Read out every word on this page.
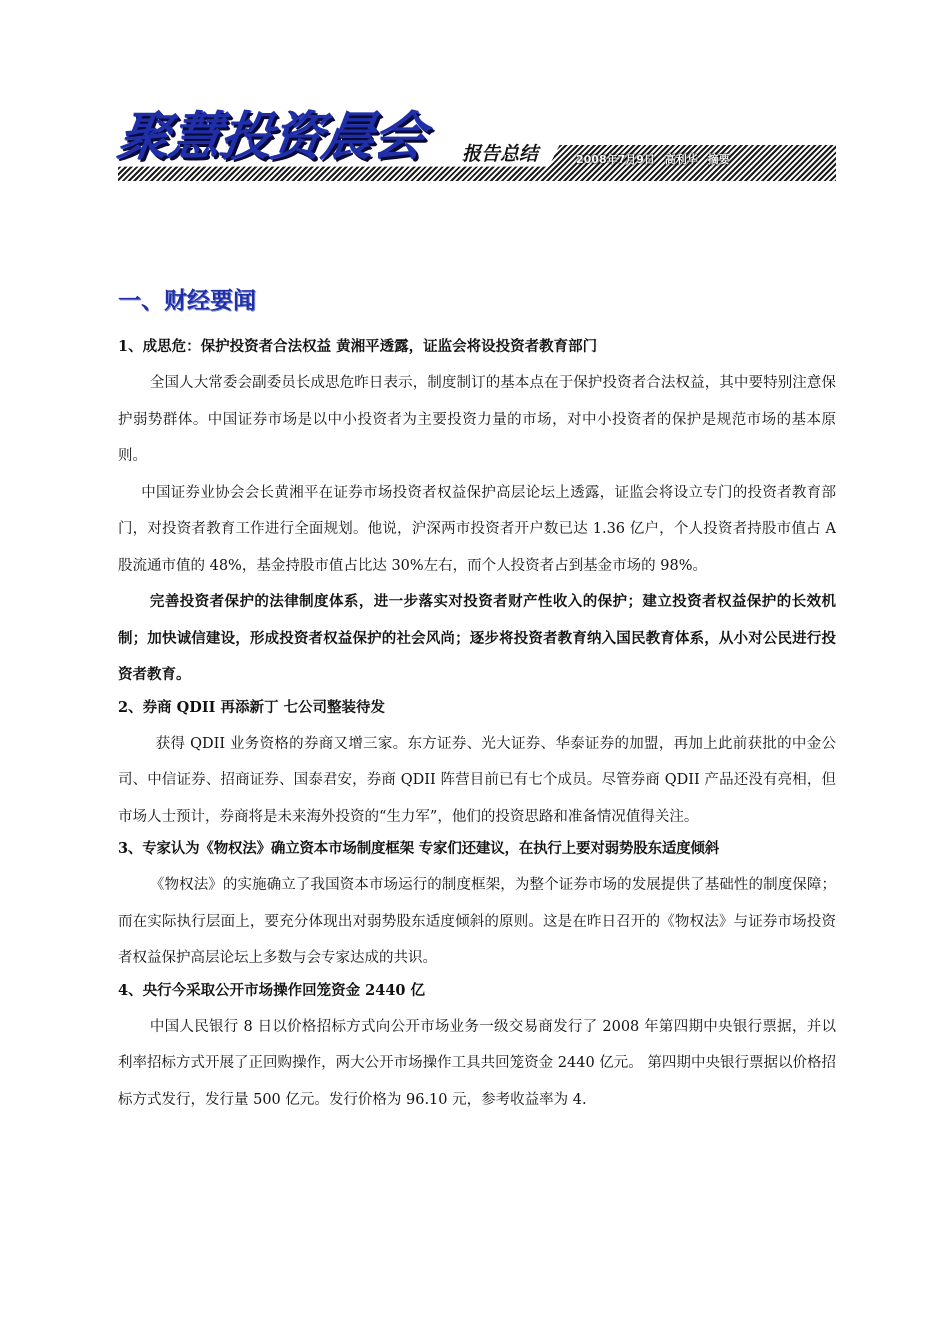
聚慧投资晨会 报告总结	2008年7月9日 高利华 摘要
一、财经要闻
1、成思危：保护投资者合法权益 黄湘平透露，证监会将设投资者教育部门

全国人大常委会副委员长成思危昨日表示，制度制订的基本点在于保护投资者合法权益，其中要特别注意保护弱势群体。中国证券市场是以中小投资者为主要投资力量的市场，对中小投资者的保护是规范市场的基本原则。

中国证券业协会会长黄湘平在证券市场投资者权益保护高层论坛上透露，证监会将设立专门的投资者教育部门，对投资者教育工作进行全面规划。他说，沪深两市投资者开户数已达 1.36 亿户，个人投资者持股市值占 A 股流通市值的 48%，基金持股市值占比达 30%左右，而个人投资者占到基金市场的 98%。

完善投资者保护的法律制度体系，进一步落实对投资者财产性收入的保护；建立投资者权益保护的长效机制；加快诚信建设，形成投资者权益保护的社会风尚；逐步将投资者教育纳入国民教育体系，从小对公民进行投资者教育。

2、券商 QDII 再添新丁 七公司整装待发

获得 QDII 业务资格的券商又增三家。东方证券、光大证券、华泰证券的加盟，再加上此前获批的中金公司、中信证券、招商证券、国泰君安，券商 QDII 阵营目前已有七个成员。尽管券商 QDII 产品还没有亮相，但市场人士预计，券商将是未来海外投资的“生力军”，他们的投资思路和准备情况值得关注。

3、专家认为《物权法》确立资本市场制度框架 专家们还建议，在执行上要对弱势股东适度倾斜

《物权法》的实施确立了我国资本市场运行的制度框架，为整个证券市场的发展提供了基础性的制度保障；而在实际执行层面上，要充分体现出对弱势股东适度倾斜的原则。这是在昨日召开的《物权法》与证券市场投资者权益保护高层论坛上多数与会专家达成的共识。

4、央行今采取公开市场操作回笼资金 2440 亿

中国人民银行 8 日以价格招标方式向公开市场业务一级交易商发行了 2008 年第四期中央银行票据，并以利率招标方式开展了正回购操作，两大公开市场操作工具共回笼资金 2440 亿元。 第四期中央银行票据以价格招标方式发行，发行量 500 亿元。发行价格为 96.10 元，参考收益率为 4.
